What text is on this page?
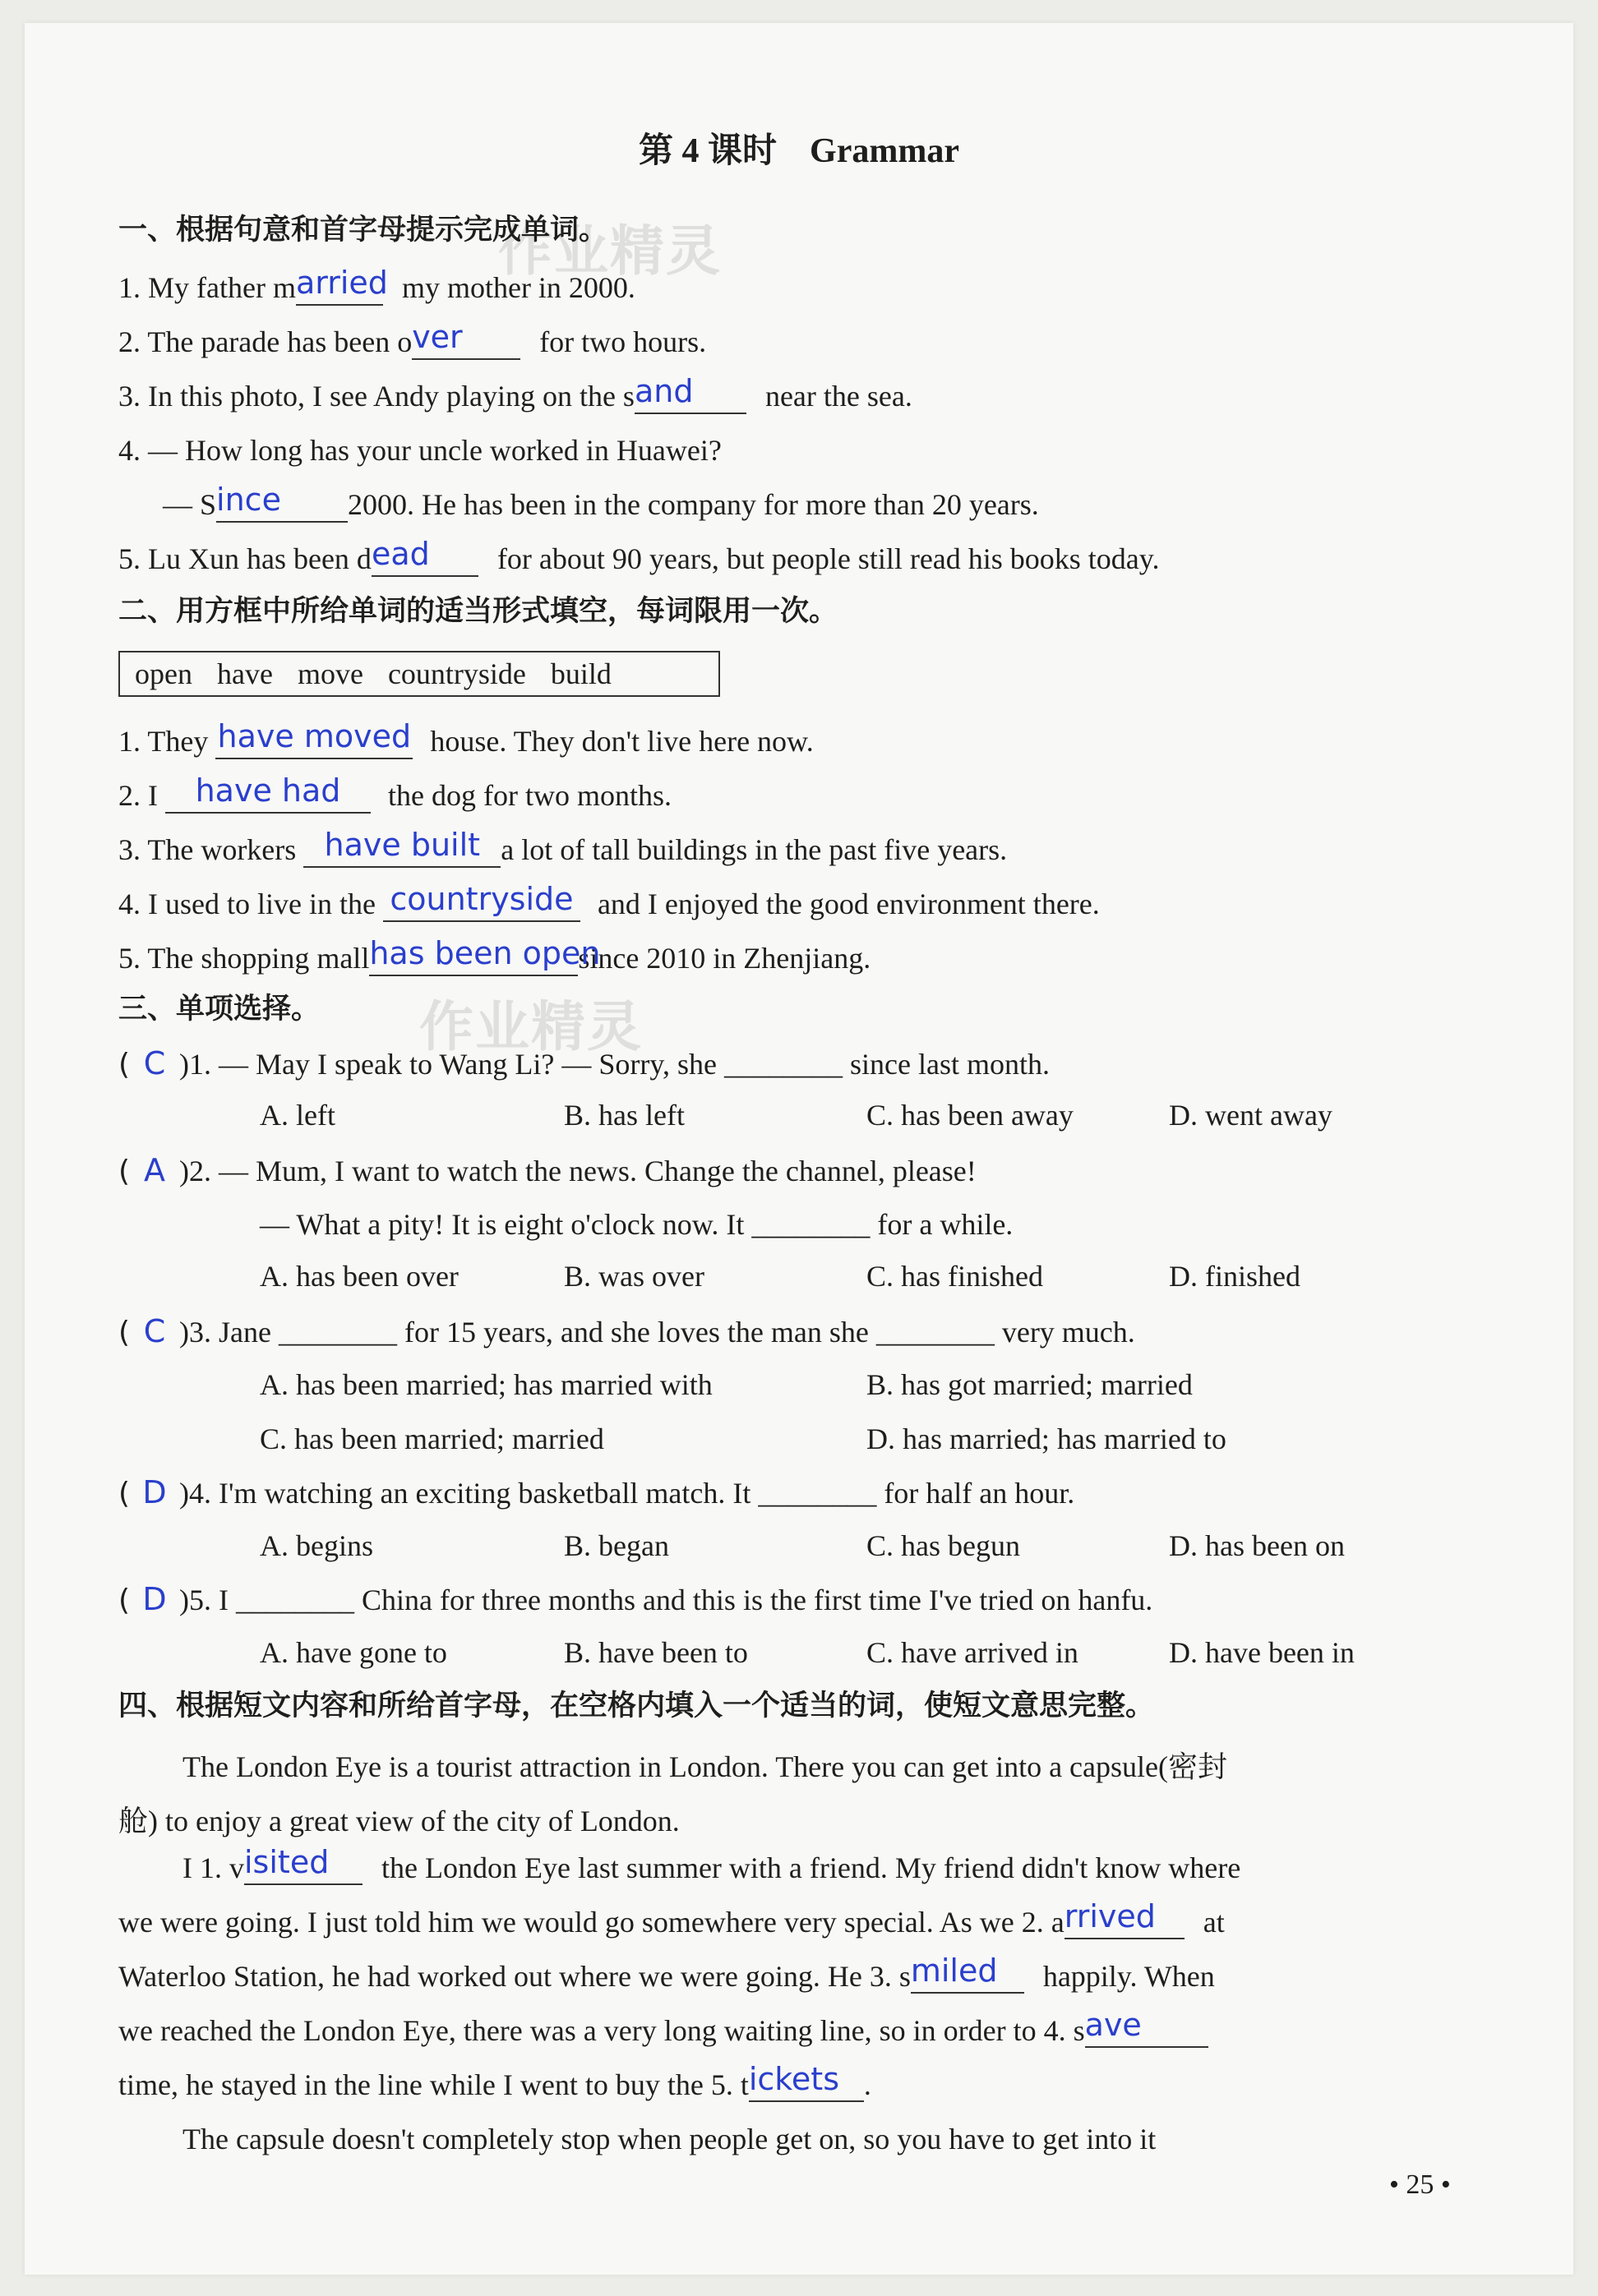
第 4 课时 Grammar
作业精灵
作业精灵
一、根据句意和首字母提示完成单词。
1. My father m arried my mother in 2000.
2. The parade has been o ver	for two hours.
3. In this photo, I see Andy playing on the s and near the sea.
4. — How long has your uncle worked in Huawei?
— S ince 2000. He has been in the company for more than 20 years.
5. Lu Xun has been d ead for about 90 years, but people still read his books today.
二、用方框中所给单词的适当形式填空，每词限用一次。
open have move countryside build
1. They have moved house. They don't live here now.
2. I	have had	the dog for two months.
3. The workers have built a lot of tall buildings in the past five years.
4. I used to live in the countryside and I enjoyed the good environment there.
5. The shopping mall has been open
since 2010 in Zhenjiang.
三、单项选择。
( C )1. — May I speak to Wang Li? — Sorry, she ________ since last month.
A. left	B. has left	C. has been away	D. went away
( A )2. — Mum, I want to watch the news. Change the channel, please!
— What a pity! It is eight o'clock now. It ________ for a while.
A. has been over	B. was over	C. has finished	D. finished
( C )3. Jane ________ for 15 years, and she loves the man she ________ very much.
A. has been married; has married with	B. has got married; married
C. has been married; married	D. has married; has married to
( D )4. I'm watching an exciting basketball match. It ________ for half an hour.
A. begins	B. began	C. has begun	D. has been on
( D )5. I ________ China for three months and this is the first time I've tried on hanfu.
A. have gone to	B. have been to	C. have arrived in	D. have been in
四、根据短文内容和所给首字母，在空格内填入一个适当的词，使短文意思完整。
The London Eye is a tourist attraction in London. There you can get into a capsule(密封
舱) to enjoy a great view of the city of London.
I 1. v isited the London Eye last summer with a friend. My friend didn't know where
we were going. I just told him we would go somewhere very special. As we 2. a rrived at
Waterloo Station, he had worked out where we were going. He 3. s miled happily. When
we reached the London Eye, there was a very long waiting line, so in order to 4. s ave
time, he stayed in the line while I went to buy the 5. t ickets .
The capsule doesn't completely stop when people get on, so you have to get into it
• 25 •
